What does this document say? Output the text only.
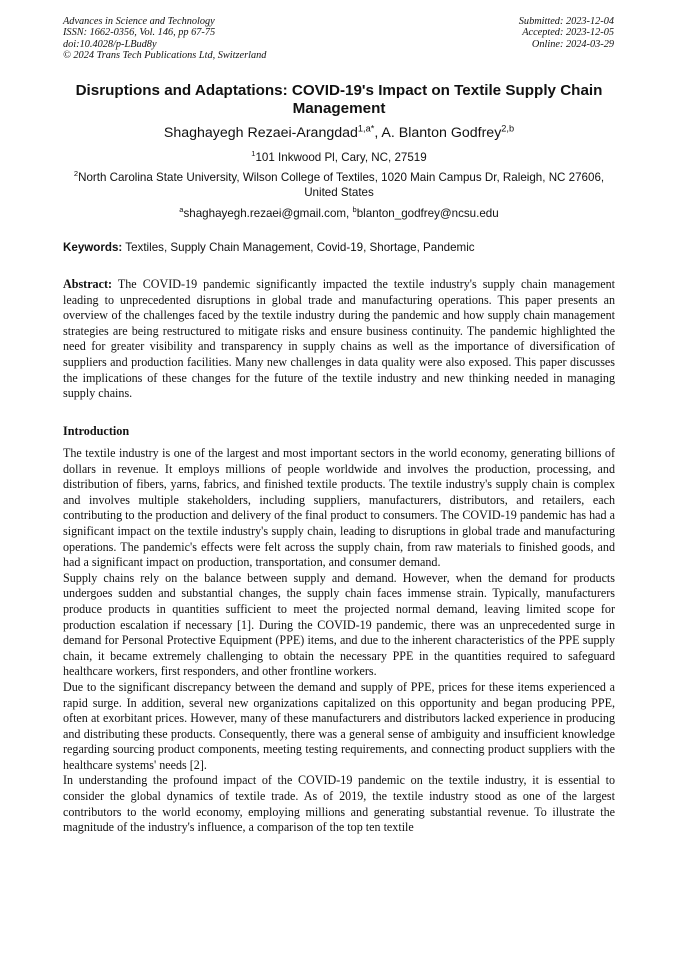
Advances in Science and Technology
ISSN: 1662-0356, Vol. 146, pp 67-75
doi:10.4028/p-LBud8y
© 2024 Trans Tech Publications Ltd, Switzerland
Submitted: 2023-12-04
Accepted: 2023-12-05
Online: 2024-03-29
Disruptions and Adaptations: COVID-19's Impact on Textile Supply Chain Management
Shaghayegh Rezaei-Arangdad$^{1,a*}$, A. Blanton Godfrey$^{2,b}$
$^1$101 Inkwood Pl, Cary, NC, 27519
$^2$North Carolina State University, Wilson College of Textiles, 1020 Main Campus Dr, Raleigh, NC 27606, United States
$^a$shaghayegh.rezaei@gmail.com, $^b$blanton_godfrey@ncsu.edu
Keywords: Textiles, Supply Chain Management, Covid-19, Shortage, Pandemic
Abstract: The COVID-19 pandemic significantly impacted the textile industry's supply chain management leading to unprecedented disruptions in global trade and manufacturing operations. This paper presents an overview of the challenges faced by the textile industry during the pandemic and how supply chain management strategies are being restructured to mitigate risks and ensure business continuity. The pandemic highlighted the need for greater visibility and transparency in supply chains as well as the importance of diversification of suppliers and production facilities. Many new challenges in data quality were also exposed. This paper discusses the implications of these changes for the future of the textile industry and new thinking needed in managing supply chains.
Introduction

The textile industry is one of the largest and most important sectors in the world economy, generating billions of dollars in revenue. It employs millions of people worldwide and involves the production, processing, and distribution of fibers, yarns, fabrics, and finished textile products. The textile industry's supply chain is complex and involves multiple stakeholders, including suppliers, manufacturers, distributors, and retailers, each contributing to the production and delivery of the final product to consumers. The COVID-19 pandemic has had a significant impact on the textile industry's supply chain, leading to disruptions in global trade and manufacturing operations. The pandemic's effects were felt across the supply chain, from raw materials to finished goods, and had a significant impact on production, transportation, and consumer demand.

Supply chains rely on the balance between supply and demand. However, when the demand for products undergoes sudden and substantial changes, the supply chain faces immense strain. Typically, manufacturers produce products in quantities sufficient to meet the projected normal demand, leaving limited scope for production escalation if necessary [1]. During the COVID-19 pandemic, there was an unprecedented surge in demand for Personal Protective Equipment (PPE) items, and due to the inherent characteristics of the PPE supply chain, it became extremely challenging to obtain the necessary PPE in the quantities required to safeguard healthcare workers, first responders, and other frontline workers.

Due to the significant discrepancy between the demand and supply of PPE, prices for these items experienced a rapid surge. In addition, several new organizations capitalized on this opportunity and began producing PPE, often at exorbitant prices. However, many of these manufacturers and distributors lacked experience in producing and distributing these products. Consequently, there was a general sense of ambiguity and insufficient knowledge regarding sourcing product components, meeting testing requirements, and connecting product suppliers with the healthcare systems' needs [2].

In understanding the profound impact of the COVID-19 pandemic on the textile industry, it is essential to consider the global dynamics of textile trade. As of 2019, the textile industry stood as one of the largest contributors to the world economy, employing millions and generating substantial revenue. To illustrate the magnitude of the industry's influence, a comparison of the top ten textile
